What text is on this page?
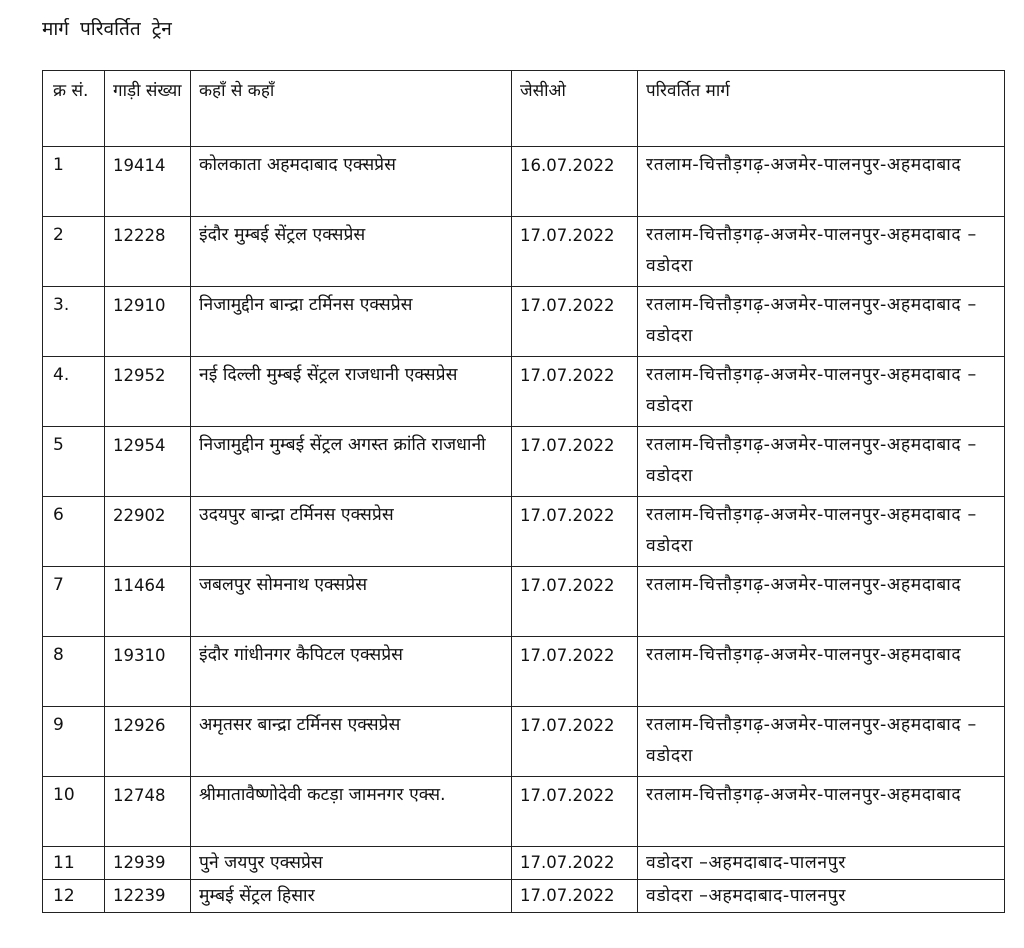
मार्ग परिवर्तित ट्रेन
क्र सं.	गाड़ी संख्या	कहाँ से कहाँ	जेसीओ	परिवर्तित मार्ग
1	19414	कोलकाता अहमदाबाद एक्सप्रेस	16.07.2022	रतलाम-चित्तौड़गढ़-अजमेर-पालनपुर-अहमदाबाद
2	12228	इंदौर मुम्बई सेंट्रल एक्सप्रेस	17.07.2022	रतलाम-चित्तौड़गढ़-अजमेर-पालनपुर-अहमदाबाद –वडोदरा
3.	12910	निजामुद्दीन बान्द्रा टर्मिनस एक्सप्रेस	17.07.2022	रतलाम-चित्तौड़गढ़-अजमेर-पालनपुर-अहमदाबाद –वडोदरा
4.	12952	नई दिल्ली मुम्बई सेंट्रल राजधानी एक्सप्रेस	17.07.2022	रतलाम-चित्तौड़गढ़-अजमेर-पालनपुर-अहमदाबाद –वडोदरा
5	12954	निजामुद्दीन मुम्बई सेंट्रल अगस्त क्रांति राजधानी	17.07.2022	रतलाम-चित्तौड़गढ़-अजमेर-पालनपुर-अहमदाबाद –वडोदरा
6	22902	उदयपुर बान्द्रा टर्मिनस एक्सप्रेस	17.07.2022	रतलाम-चित्तौड़गढ़-अजमेर-पालनपुर-अहमदाबाद –वडोदरा
7	11464	जबलपुर सोमनाथ एक्सप्रेस	17.07.2022	रतलाम-चित्तौड़गढ़-अजमेर-पालनपुर-अहमदाबाद
8	19310	इंदौर गांधीनगर कैपिटल एक्सप्रेस	17.07.2022	रतलाम-चित्तौड़गढ़-अजमेर-पालनपुर-अहमदाबाद
9	12926	अमृतसर बान्द्रा टर्मिनस एक्सप्रेस	17.07.2022	रतलाम-चित्तौड़गढ़-अजमेर-पालनपुर-अहमदाबाद –वडोदरा
10	12748	श्रीमातावैष्णोदेवी कटड़ा जामनगर एक्स.	17.07.2022	रतलाम-चित्तौड़गढ़-अजमेर-पालनपुर-अहमदाबाद
11	12939	पुने जयपुर एक्सप्रेस	17.07.2022	वडोदरा –अहमदाबाद-पालनपुर
12	12239	मुम्बई सेंट्रल हिसार	17.07.2022	वडोदरा –अहमदाबाद-पालनपुर
